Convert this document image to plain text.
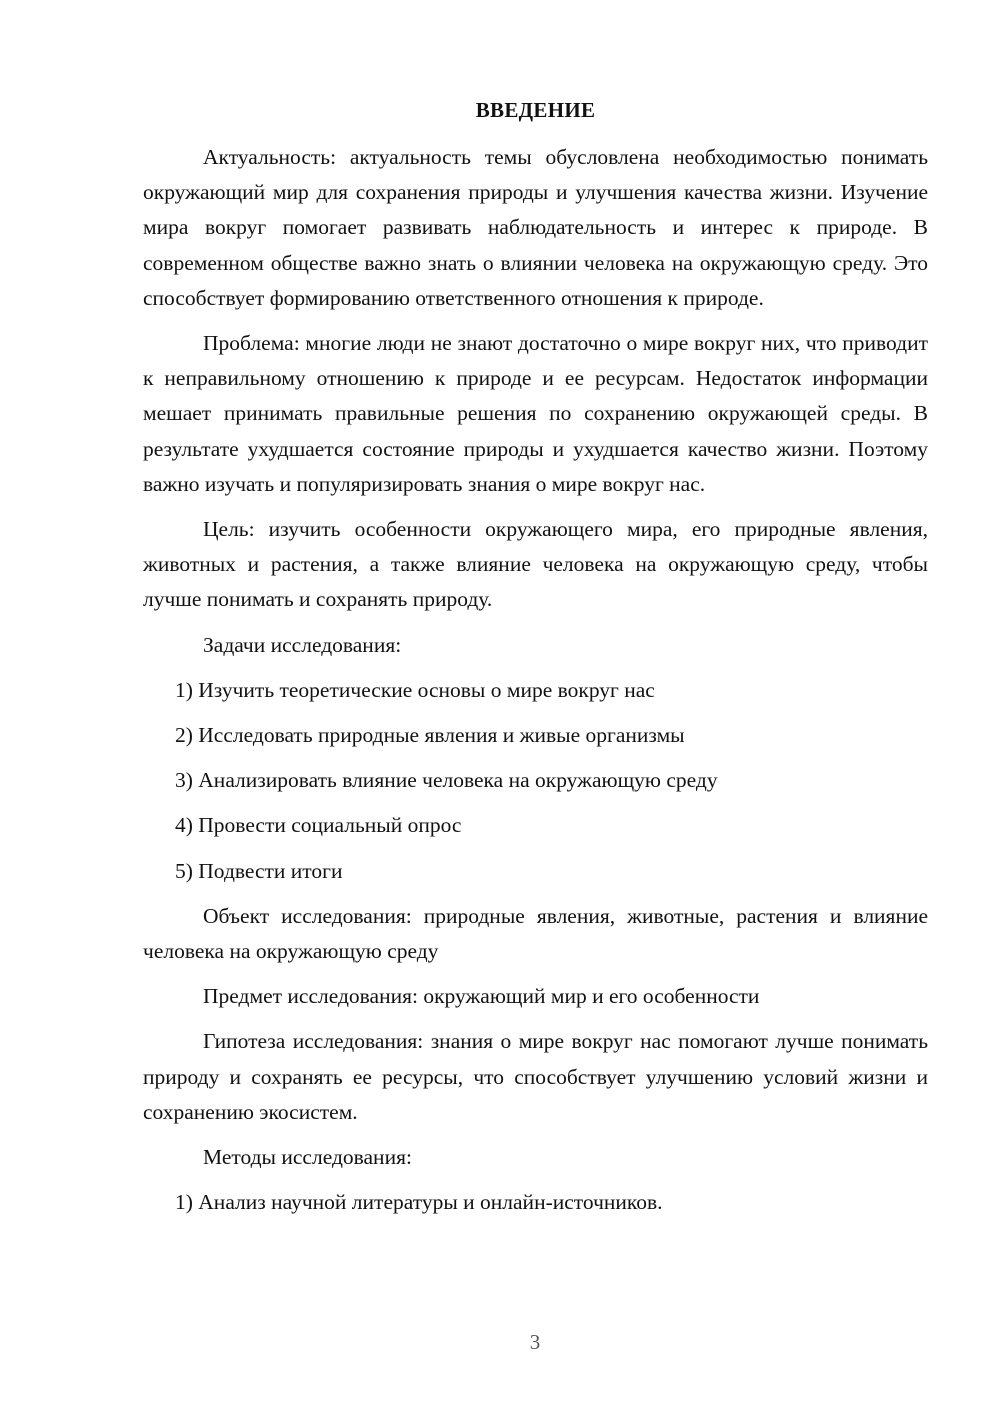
ВВЕДЕНИЕ

Актуальность: актуальность темы обусловлена необходимостью понимать окружающий мир для сохранения природы и улучшения качества жизни. Изучение мира вокруг помогает развивать наблюдательность и интерес к природе. В современном обществе важно знать о влиянии человека на окружающую среду. Это способствует формированию ответственного отношения к природе.

Проблема: многие люди не знают достаточно о мире вокруг них, что приводит к неправильному отношению к природе и ее ресурсам. Недостаток информации мешает принимать правильные решения по сохранению окружающей среды. В результате ухудшается состояние природы и ухудшается качество жизни. Поэтому важно изучать и популяризировать знания о мире вокруг нас.

Цель: изучить особенности окружающего мира, его природные явления, животных и растения, а также влияние человека на окружающую среду, чтобы лучше понимать и сохранять природу.

Задачи исследования:

1) Изучить теоретические основы о мире вокруг нас
2) Исследовать природные явления и живые организмы
3) Анализировать влияние человека на окружающую среду
4) Провести социальный опрос
5) Подвести итоги

Объект исследования: природные явления, животные, растения и влияние человека на окружающую среду

Предмет исследования: окружающий мир и его особенности

Гипотеза исследования: знания о мире вокруг нас помогают лучше понимать природу и сохранять ее ресурсы, что способствует улучшению условий жизни и сохранению экосистем.

Методы исследования:

1) Анализ научной литературы и онлайн-источников.
3
